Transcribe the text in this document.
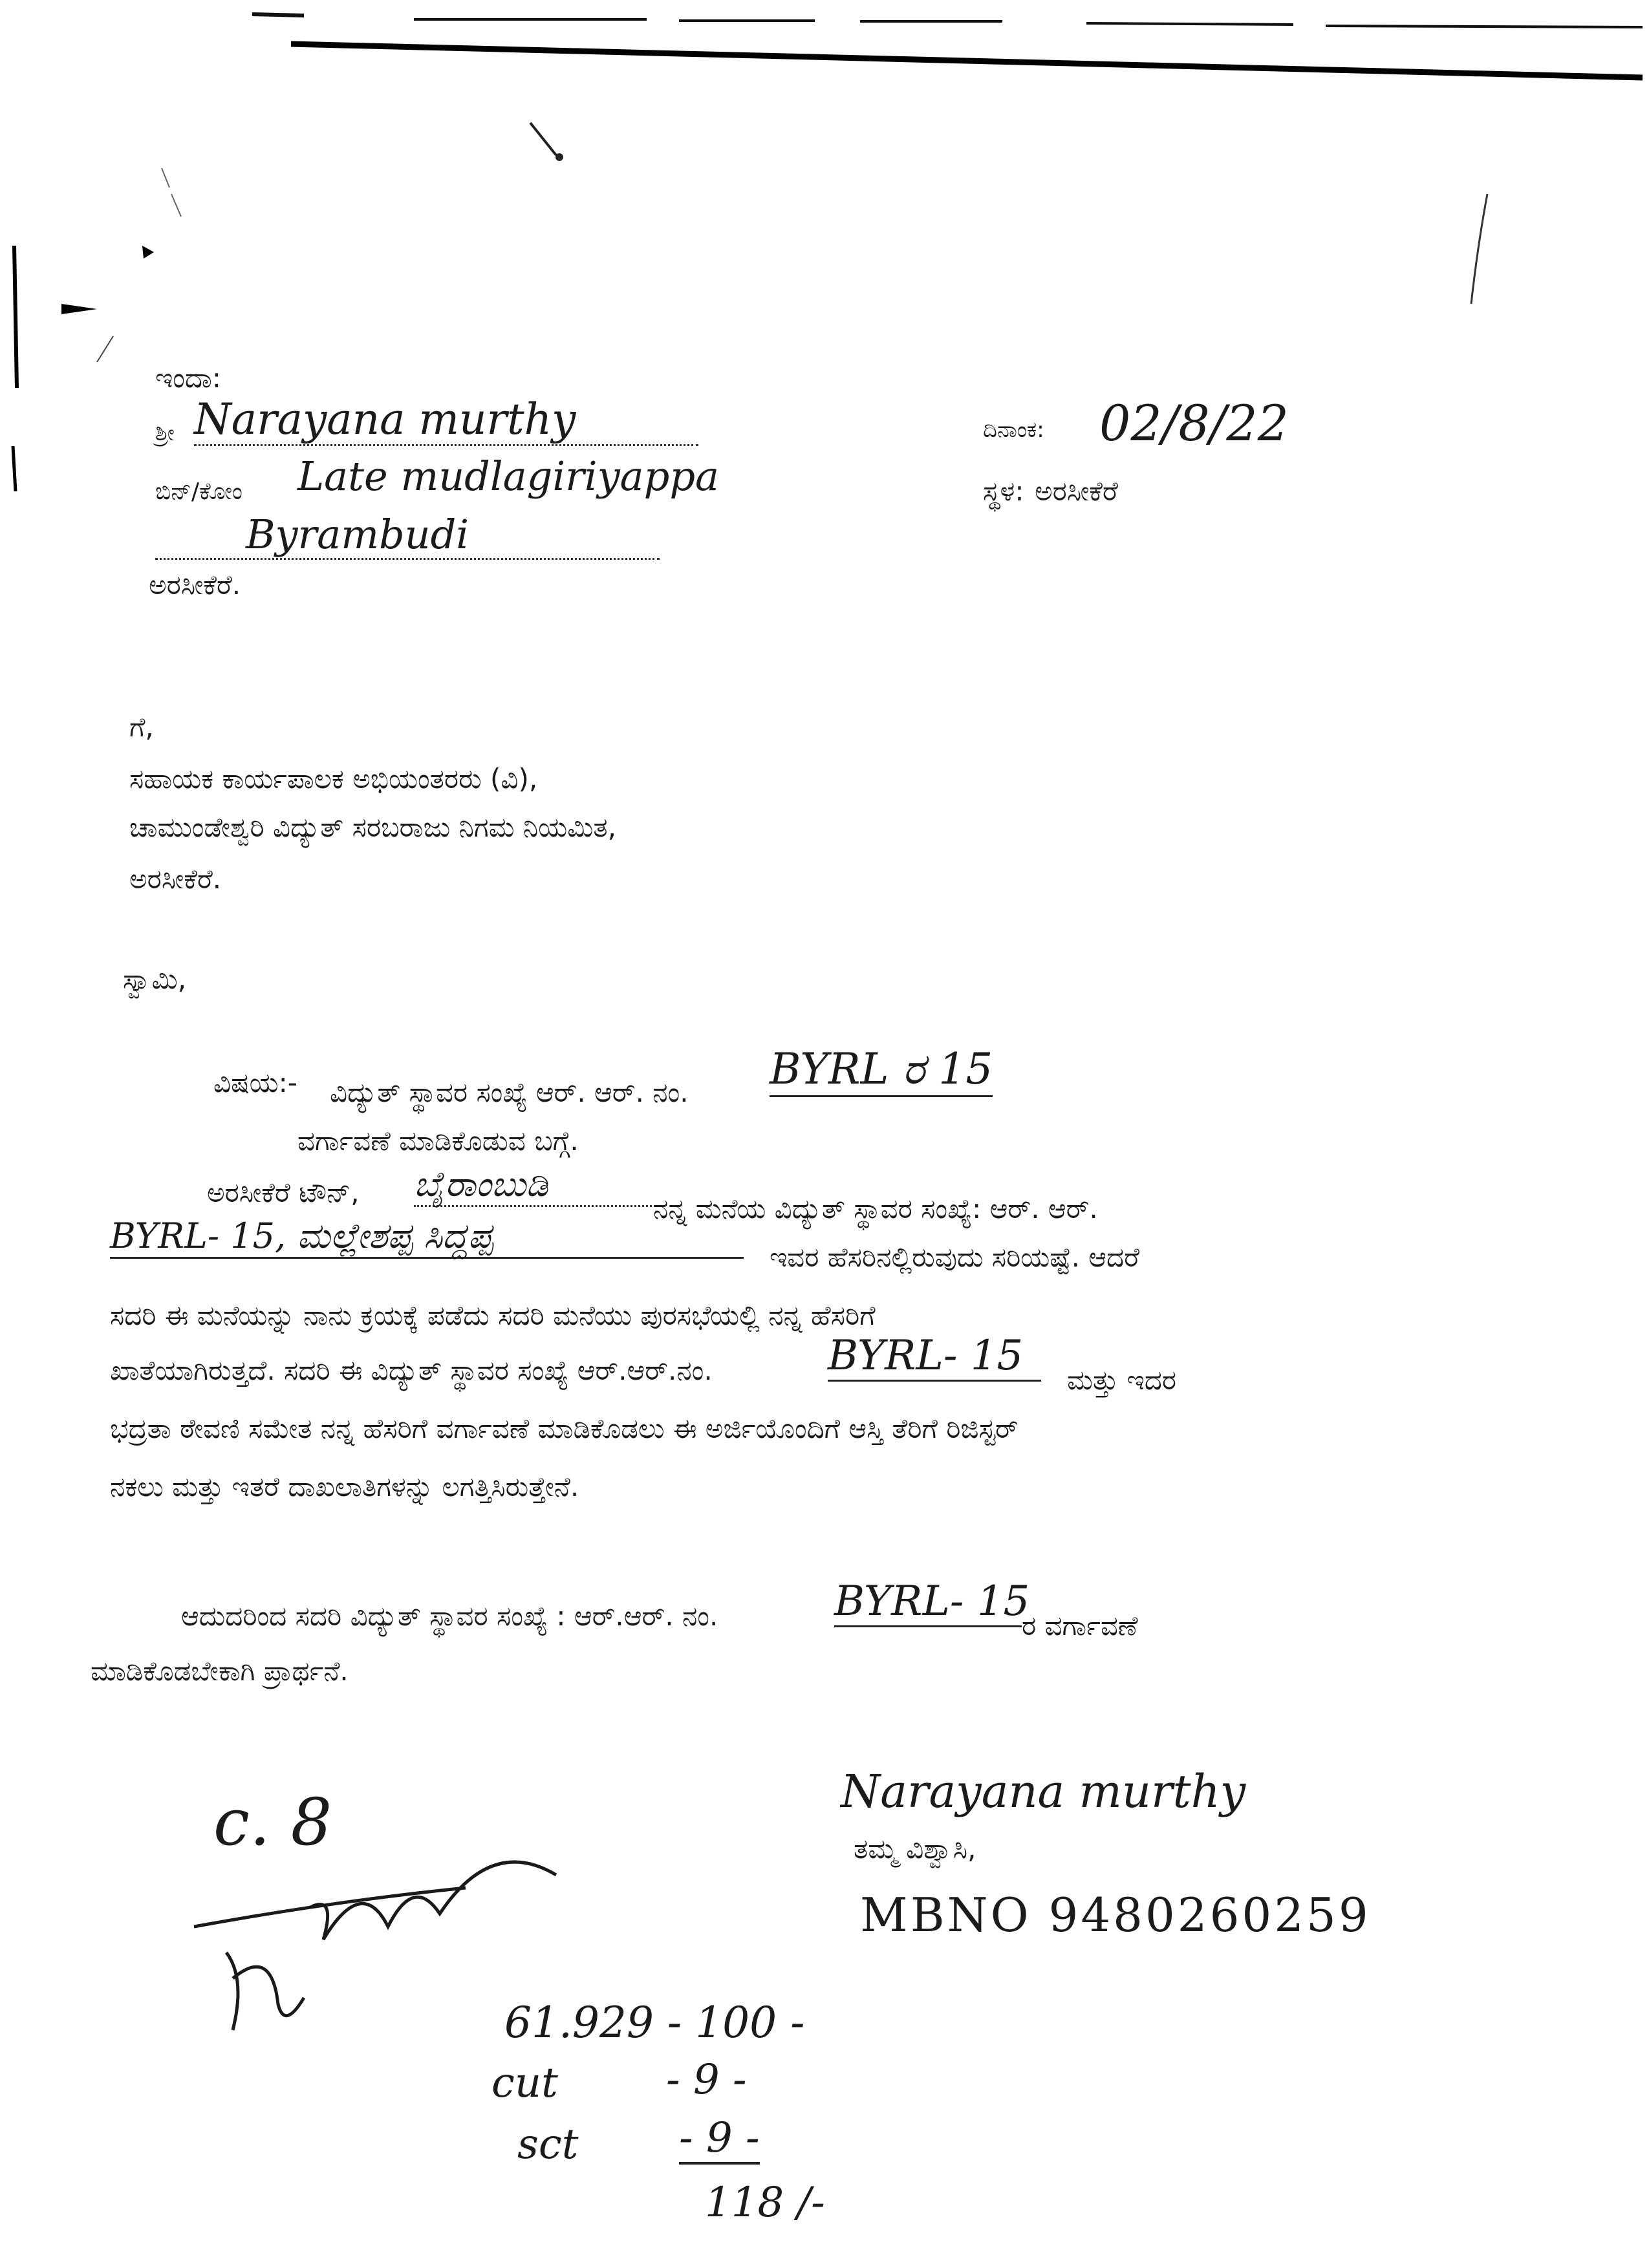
ಇಂದಾ:
ಶ್ರೀ Narayana murthy
ಬಿನ್/ಕೋಂ Late mudlagiriyappa
Byrambudi
ಅರಸೀಕೆರೆ.
ದಿನಾಂಕ: 02/8/22
ಸ್ಥಳ: ಅರಸೀಕೆರೆ
ಗೆ,
ಸಹಾಯಕ ಕಾರ್ಯಪಾಲಕ ಅಭಿಯಂತರರು (ವಿ),
ಚಾಮುಂಡೇಶ್ವರಿ ವಿದ್ಯುತ್ ಸರಬರಾಜು ನಿಗಮ ನಿಯಮಿತ,
ಅರಸೀಕೆರೆ.
ಸ್ವಾಮಿ,
ವಿಷಯ:- ವಿದ್ಯುತ್ ಸ್ಥಾವರ ಸಂಖ್ಯೆ ಆರ್. ಆರ್. ನಂ. BYRL ರ 15
ವರ್ಗಾವಣೆ ಮಾಡಿಕೊಡುವ ಬಗ್ಗೆ.
ಅರಸೀಕೆರೆ ಟೌನ್, ಬೈರಾಂಬುಡಿ
ನನ್ನ ಮನೆಯ ವಿದ್ಯುತ್ ಸ್ಥಾವರ ಸಂಖ್ಯೆ: ಆರ್. ಆರ್.
BYRL- 15, ಮಲ್ಲೇಶಪ್ಪ ಸಿದ್ದಪ್ಪ
ಇವರ ಹೆಸರಿನಲ್ಲಿರುವುದು ಸರಿಯಷ್ಟೆ. ಆದರೆ
ಸದರಿ ಈ ಮನೆಯನ್ನು ನಾನು ಕ್ರಯಕ್ಕೆ ಪಡೆದು ಸದರಿ ಮನೆಯು ಪುರಸಭೆಯಲ್ಲಿ ನನ್ನ ಹೆಸರಿಗೆ
ಖಾತೆಯಾಗಿರುತ್ತದೆ. ಸದರಿ ಈ ವಿದ್ಯುತ್ ಸ್ಥಾವರ ಸಂಖ್ಯೆ ಆರ್.ಆರ್.ನಂ.	BYRL- 15
ಮತ್ತು ಇದರ
ಭದ್ರತಾ ಠೇವಣಿ ಸಮೇತ ನನ್ನ ಹೆಸರಿಗೆ ವರ್ಗಾವಣೆ ಮಾಡಿಕೊಡಲು ಈ ಅರ್ಜಿಯೊಂದಿಗೆ ಆಸ್ತಿ ತೆರಿಗೆ ರಿಜಿಸ್ಟರ್
ನಕಲು ಮತ್ತು ಇತರೆ ದಾಖಲಾತಿಗಳನ್ನು ಲಗತ್ತಿಸಿರುತ್ತೇನೆ.
ಆದುದರಿಂದ ಸದರಿ ವಿದ್ಯುತ್ ಸ್ಥಾವರ ಸಂಖ್ಯೆ : ಆರ್.ಆರ್. ನಂ.	BYRL- 15
ರ ವರ್ಗಾವಣೆ
ಮಾಡಿಕೊಡಬೇಕಾಗಿ ಪ್ರಾರ್ಥನೆ.
c. 8	Narayana murthy
ತಮ್ಮ ವಿಶ್ವಾಸಿ,
MBNO 9480260259
61.929 - 100 -
cut	- 9 -
sct - 9 -
118 /-
